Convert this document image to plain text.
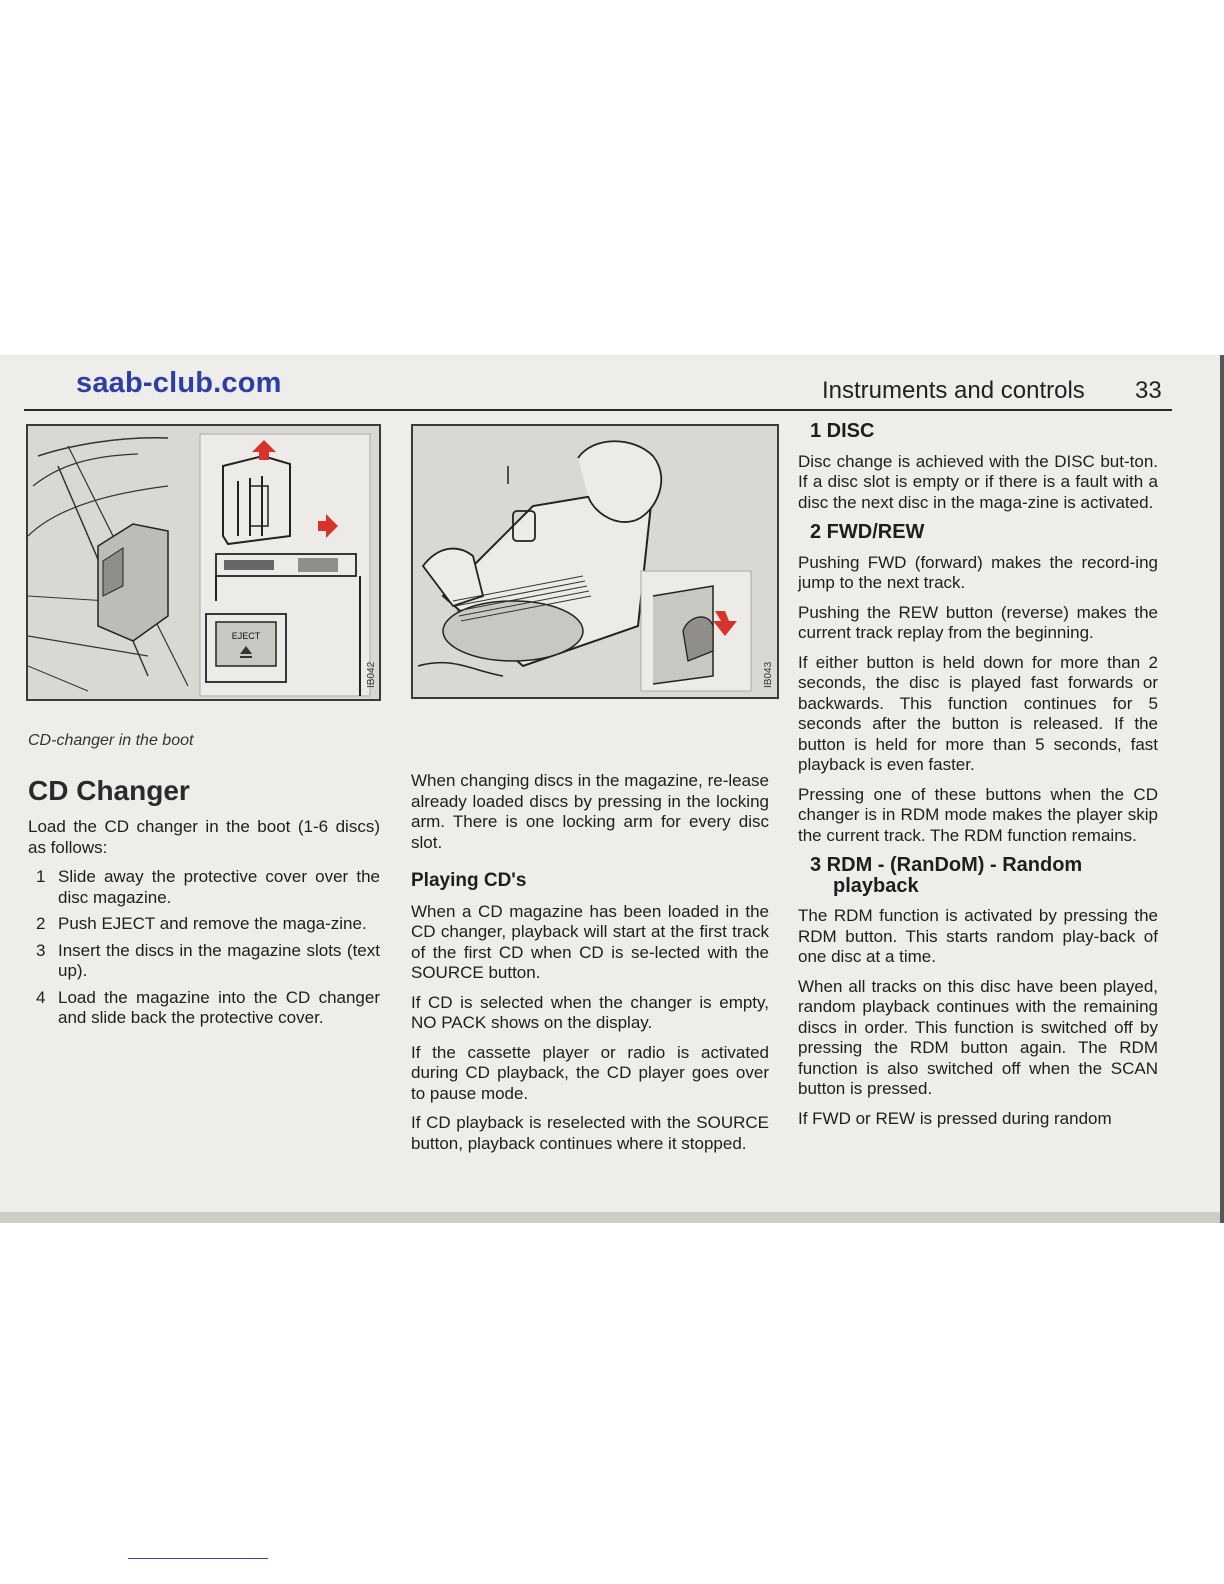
saab-club.com	Instruments and controls 33
EJECT
IB042	IB043
CD-changer in the boot
CD Changer

Load the CD changer in the boot (1-6 discs) as follows:

1 Slide away the protective cover over the disc magazine.
2 Push EJECT and remove the maga-zine.
3 Insert the discs in the magazine slots (text up).
4 Load the magazine into the CD changer and slide back the protective cover.

When changing discs in the magazine, re-lease already loaded discs by pressing in the locking arm. There is one locking arm for every disc slot.

Playing CD's

When a CD magazine has been loaded in the CD changer, playback will start at the first track of the first CD when CD is se-lected with the SOURCE button.

If CD is selected when the changer is empty, NO PACK shows on the display.

If the cassette player or radio is activated during CD playback, the CD player goes over to pause mode.

If CD playback is reselected with the SOURCE button, playback continues where it stopped.

1 DISC

Disc change is achieved with the DISC but-ton. If a disc slot is empty or if there is a fault with a disc the next disc in the maga-zine is activated.

2 FWD/REW

Pushing FWD (forward) makes the record-ing jump to the next track.

Pushing the REW button (reverse) makes the current track replay from the beginning.

If either button is held down for more than 2 seconds, the disc is played fast forwards or backwards. This function continues for 5 seconds after the button is released. If the button is held for more than 5 seconds, fast playback is even faster.

Pressing one of these buttons when the CD changer is in RDM mode makes the player skip the current track. The RDM function remains.

3 RDM - (RanDoM) - Random
playback

The RDM function is activated by pressing the RDM button. This starts random play-back of one disc at a time.

When all tracks on this disc have been played, random playback continues with the remaining discs in order. This function is switched off by pressing the RDM button again. The RDM function is also switched off when the SCAN button is pressed.

If FWD or REW is pressed during random
